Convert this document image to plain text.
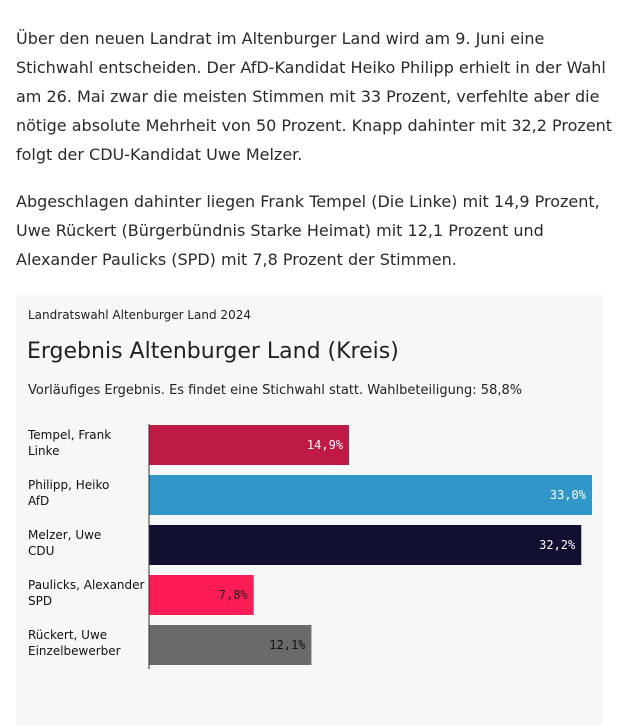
Über den neuen Landrat im Altenburger Land wird am 9. Juni eine Stichwahl entscheiden. Der AfD-Kandidat Heiko Philipp erhielt in der Wahl am 26. Mai zwar die meisten Stimmen mit 33 Prozent, verfehlte aber die nötige absolute Mehrheit von 50 Prozent. Knapp dahinter mit 32,2 Prozent folgt der CDU-Kandidat Uwe Melzer.

Abgeschlagen dahinter liegen Frank Tempel (Die Linke) mit 14,9 Prozent, Uwe Rückert (Bürgerbündnis Starke Heimat) mit 12,1 Prozent und Alexander Paulicks (SPD) mit 7,8 Prozent der Stimmen.

Landratswahl Altenburger Land 2024
Ergebnis Altenburger Land (Kreis)
Vorläufiges Ergebnis. Es findet eine Stichwahl statt. Wahlbeteiligung: 58,8%
Tempel, Frank
Linke	14,9%
Philipp, Heiko
AfD	33,0%
Melzer, Uwe
CDU	32,2%
Paulicks, Alexander
SPD	7,8%
Rückert, Uwe
Einzelbewerber	12,1%
